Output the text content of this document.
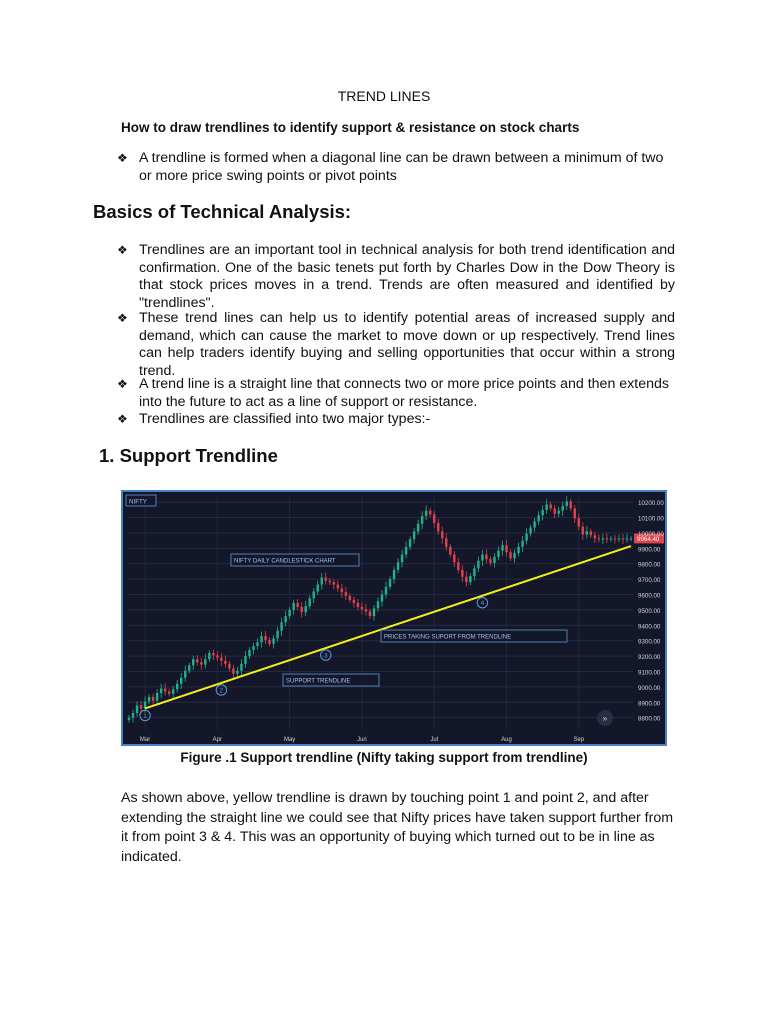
TREND LINES
How to draw trendlines to identify support & resistance on stock charts
❖ A trendline is formed when a diagonal line can be drawn between a minimum of two or more price swing points or pivot points
Basics of Technical Analysis:
❖ Trendlines are an important tool in technical analysis for both trend identification and confirmation. One of the basic tenets put forth by Charles Dow in the Dow Theory is that stock prices moves in a trend. Trends are often measured and identified by "trendlines".
❖ These trend lines can help us to identify potential areas of increased supply and demand, which can cause the market to move down or up respectively. Trend lines can help traders identify buying and selling opportunities that occur within a strong trend.
❖ A trend line is a straight line that connects two or more price points and then extends into the future to act as a line of support or resistance.
❖ Trendlines are classified into two major types:-
1. Support Trendline
1
2
3
4
NIFTY DAILY CANDLESTICK CHART
SUPPORT TRENDLINE
PRICES TAKING SUPORT FROM TRENDLINE
NIFTY
9964.40
»
10200.00
10100.00
10000.00
9900.00
9800.00
9700.00
9600.00
9500.00
9400.00
9300.00
9200.00
9100.00
9000.00
8900.00
8800.00
Mar	Apr	May	Jun	Jul	Aug	Sep
Figure .1 Support trendline (Nifty taking support from trendline)
As shown above, yellow trendline is drawn by touching point 1 and point 2, and after extending the straight line we could see that Nifty prices have taken support further from it from point 3 & 4. This was an opportunity of buying which turned out to be in line as indicated.
